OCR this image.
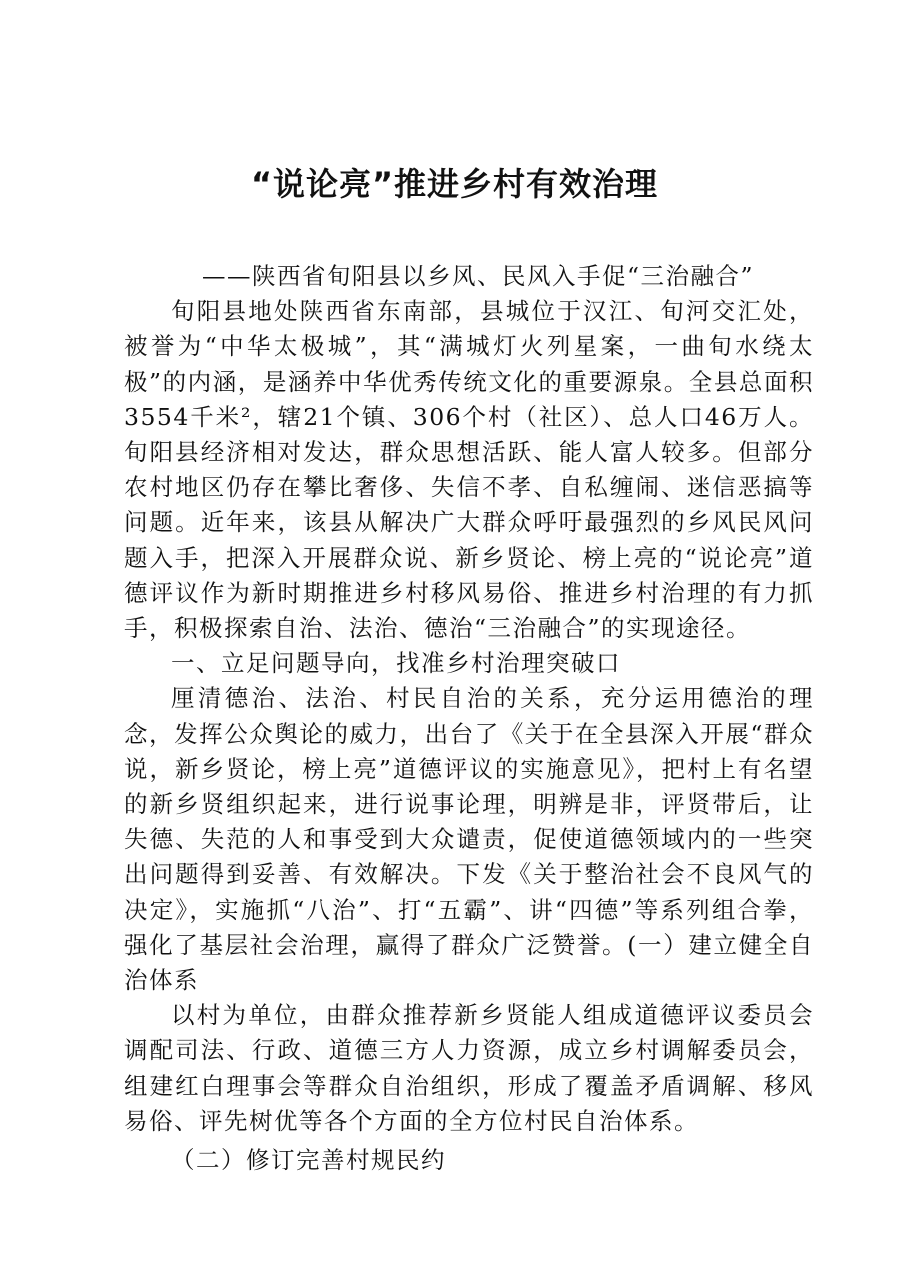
“说论亮”推进乡村有效治理

——陕西省旬阳县以乡风、民风入手促“三治融合”

旬阳县地处陕西省东南部，县城位于汉江、旬河交汇处，被誉为“中华太极城”，其“满城灯火列星案，一曲旬水绕太极”的内涵，是涵养中华优秀传统文化的重要源泉。全县总面积3554千米²，辖21个镇、306个村（社区）、总人口46万人。旬阳县经济相对发达，群众思想活跃、能人富人较多。但部分农村地区仍存在攀比奢侈、失信不孝、自私缠闹、迷信恶搞等问题。近年来，该县从解决广大群众呼吁最强烈的乡风民风问题入手，把深入开展群众说、新乡贤论、榜上亮的“说论亮”道德评议作为新时期推进乡村移风易俗、推进乡村治理的有力抓手，积极探索自治、法治、德治“三治融合”的实现途径。

一、立足问题导向，找准乡村治理突破口

厘清德治、法治、村民自治的关系，充分运用德治的理念，发挥公众舆论的威力，出台了《关于在全县深入开展“群众说，新乡贤论，榜上亮”道德评议的实施意见》，把村上有名望的新乡贤组织起来，进行说事论理，明辨是非，评贤带后，让失德、失范的人和事受到大众谴责，促使道德领域内的一些突出问题得到妥善、有效解决。下发《关于整治社会不良风气的决定》，实施抓“八治”、打“五霸”、讲“四德”等系列组合拳，强化了基层社会治理，赢得了群众广泛赞誉。(一）建立健全自治体系

以村为单位，由群众推荐新乡贤能人组成道德评议委员会调配司法、行政、道德三方人力资源，成立乡村调解委员会，组建红白理事会等群众自治组织，形成了覆盖矛盾调解、移风易俗、评先树优等各个方面的全方位村民自治体系。

（二）修订完善村规民约
